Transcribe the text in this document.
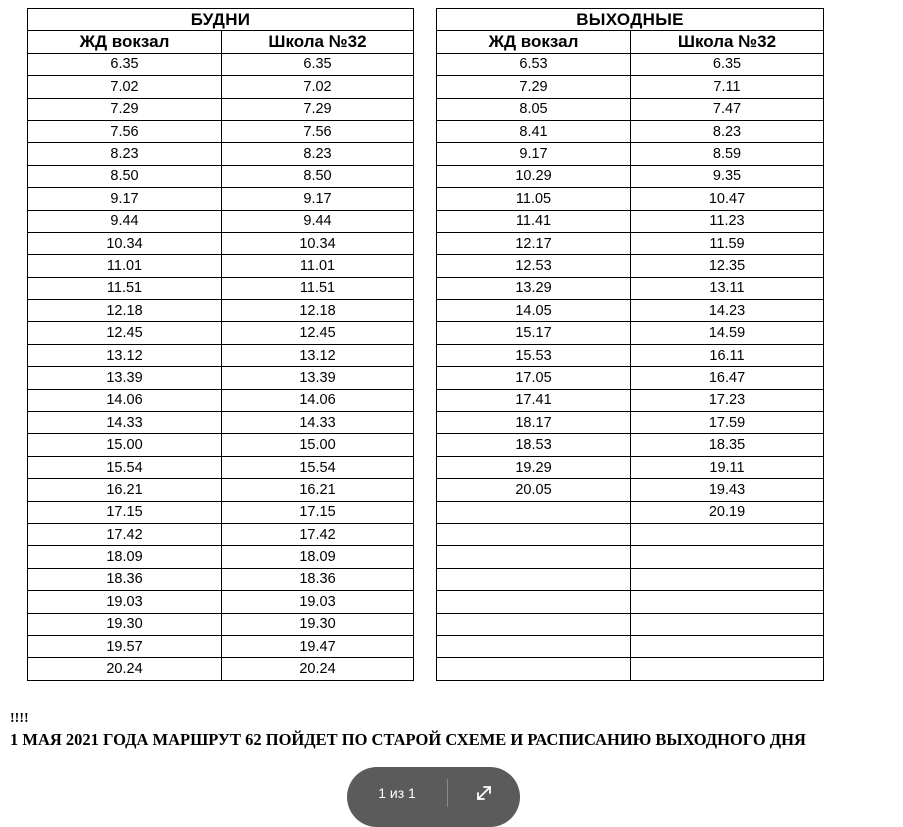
БУДНИ	
ЖД вокзал	Школа №32
6.35	6.35
7.02	7.02
7.29	7.29
7.56	7.56
8.23	8.23
8.50	8.50
9.17	9.17
9.44	9.44
10.34	10.34
11.01	11.01
11.51	11.51
12.18	12.18
12.45	12.45
13.12	13.12
13.39	13.39
14.06	14.06
14.33	14.33
15.00	15.00
15.54	15.54
16.21	16.21
17.15	17.15
17.42	17.42
18.09	18.09
18.36	18.36
19.03	19.03
19.30	19.30
19.57	19.47
20.24	20.24
ВЫХОДНЫЕ	
ЖД вокзал	Школа №32
6.53	6.35
7.29	7.11
8.05	7.47
8.41	8.23
9.17	8.59
10.29	9.35
11.05	10.47
11.41	11.23
12.17	11.59
12.53	12.35
13.29	13.11
14.05	14.23
15.17	14.59
15.53	16.11
17.05	16.47
17.41	17.23
18.17	17.59
18.53	18.35
19.29	19.11
20.05	19.43
	20.19

!!!!
1 МАЯ 2021 ГОДА МАРШРУТ 62 ПОЙДЕТ ПО СТАРОЙ СХЕМЕ И РАСПИСАНИЮ ВЫХОДНОГО ДНЯ
1 из 1
